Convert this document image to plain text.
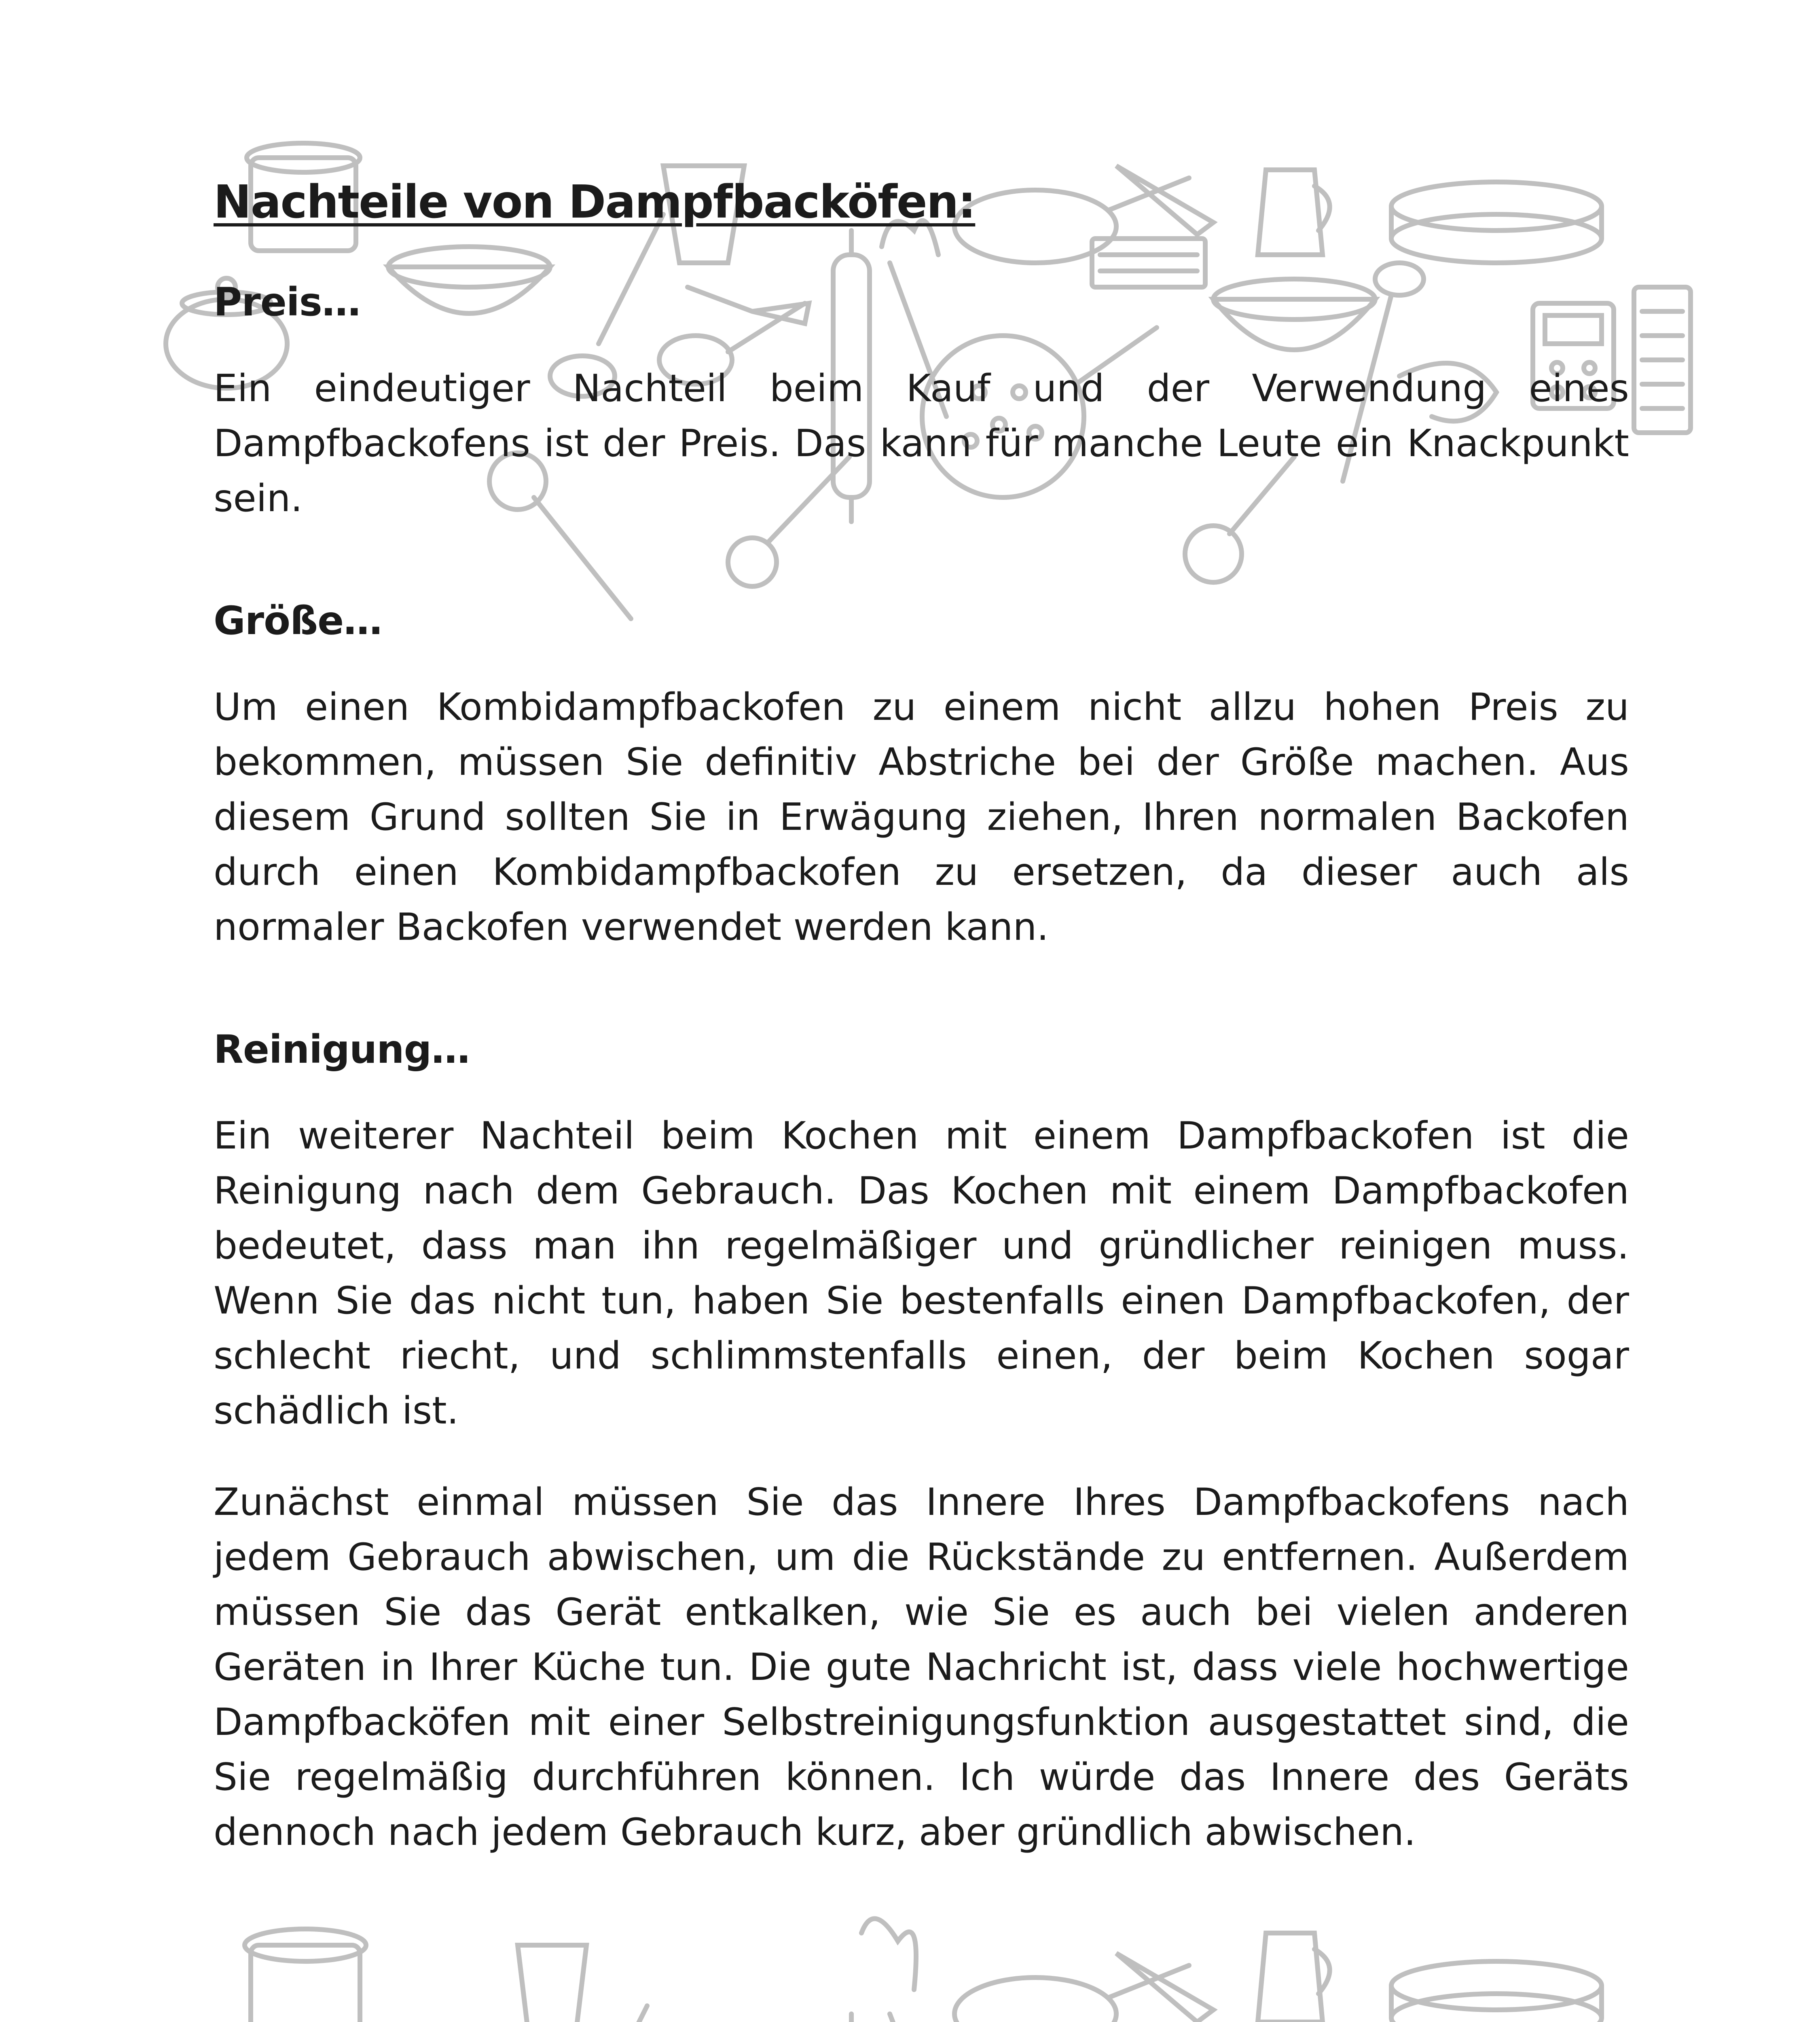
Nachteile von Dampfbacköfen:
Preis…

Ein eindeutiger Nachteil beim Kauf und der Verwendung eines Dampfbackofens ist der Preis. Das kann für manche Leute ein Knackpunkt sein.

Größe…

Um einen Kombidampfbackofen zu einem nicht allzu hohen Preis zu bekommen, müssen Sie definitiv Abstriche bei der Größe machen. Aus diesem Grund sollten Sie in Erwägung ziehen, Ihren normalen Backofen durch einen Kombidampfbackofen zu ersetzen, da dieser auch als normaler Backofen verwendet werden kann.

Reinigung…

Ein weiterer Nachteil beim Kochen mit einem Dampfbackofen ist die Reinigung nach dem Gebrauch. Das Kochen mit einem Dampfbackofen bedeutet, dass man ihn regelmäßiger und gründlicher reinigen muss. Wenn Sie das nicht tun, haben Sie bestenfalls einen Dampfbackofen, der schlecht riecht, und schlimmstenfalls einen, der beim Kochen sogar schädlich ist.

Zunächst einmal müssen Sie das Innere Ihres Dampfbackofens nach jedem Gebrauch abwischen, um die Rückstände zu entfernen. Außerdem müssen Sie das Gerät entkalken, wie Sie es auch bei vielen anderen Geräten in Ihrer Küche tun. Die gute Nachricht ist, dass viele hochwertige Dampfbacköfen mit einer Selbstreinigungsfunktion ausgestattet sind, die Sie regelmäßig durchführen können. Ich würde das Innere des Geräts dennoch nach jedem Gebrauch kurz, aber gründlich abwischen.
